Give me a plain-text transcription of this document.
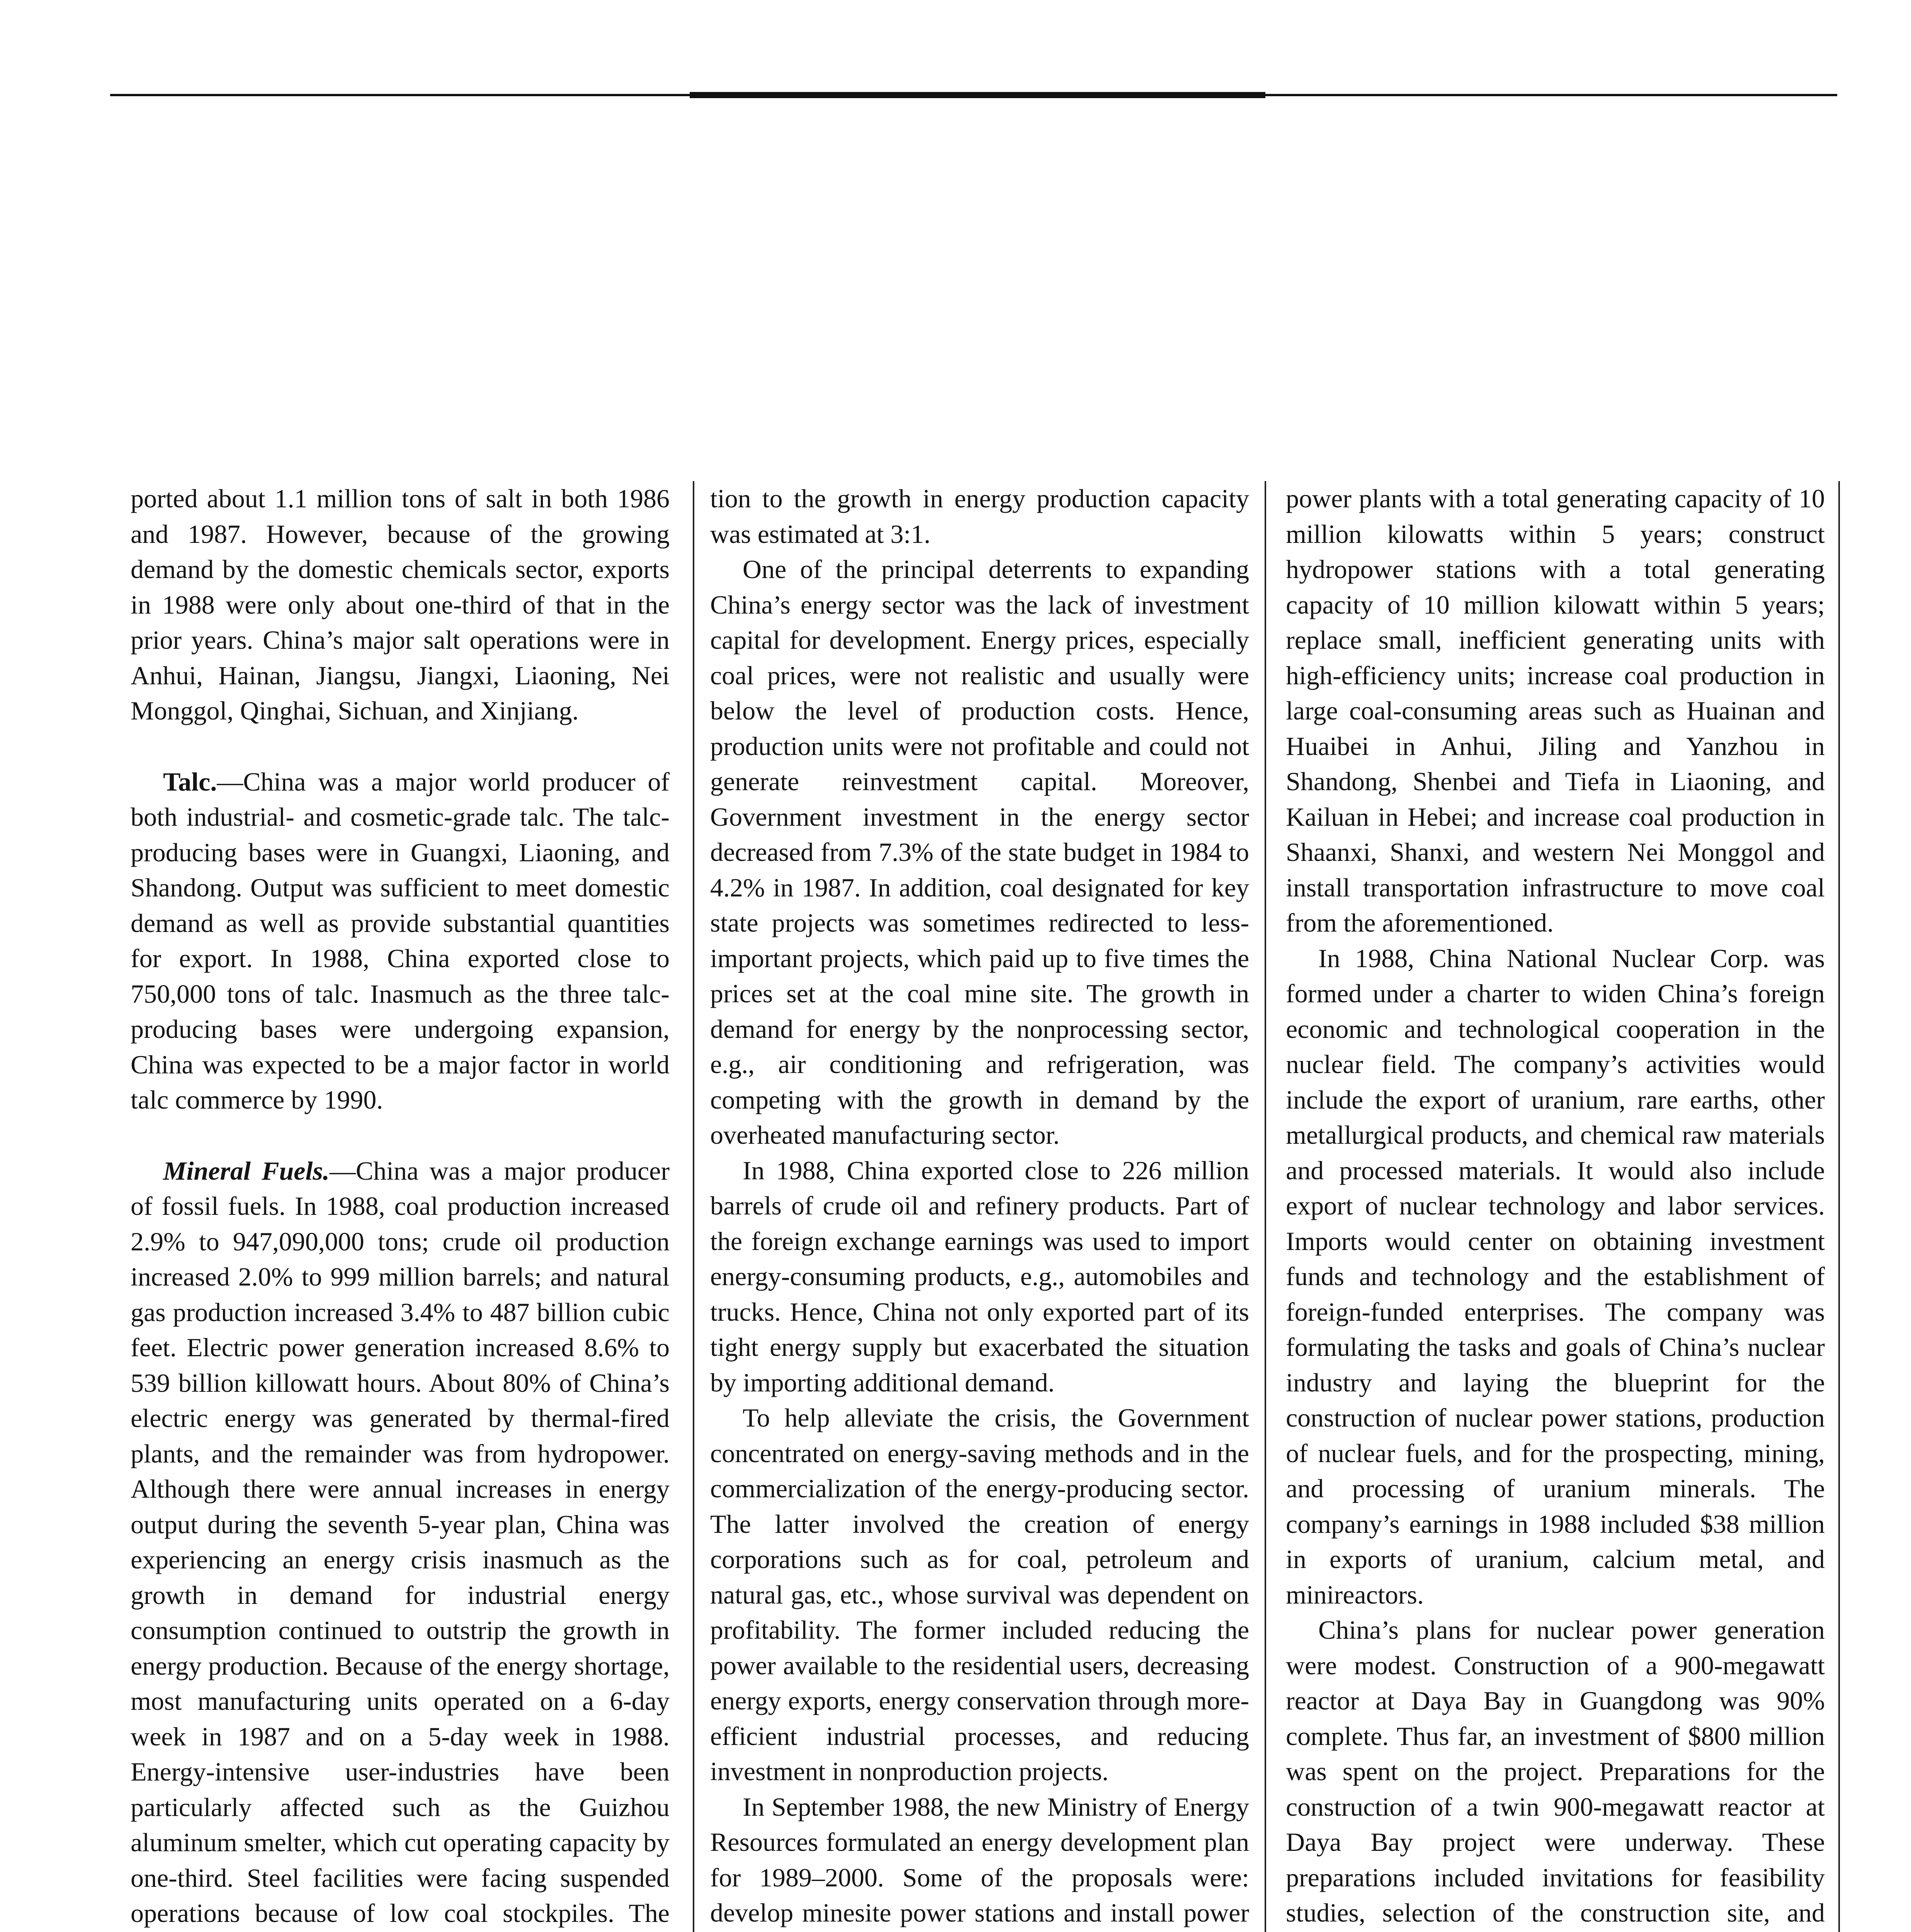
ported about 1.1 million tons of salt in both 1986 and 1987. However, because of the growing demand by the domestic chemicals sector, exports in 1988 were only about one-third of that in the prior years. China’s major salt operations were in Anhui, Hainan, Jiangsu, Jiangxi, Liaoning, Nei Monggol, Qinghai, Sichuan, and Xinjiang.

Talc.—China was a major world producer of both industrial- and cosmetic-grade talc. The talc-producing bases were in Guangxi, Liaoning, and Shandong. Output was sufficient to meet domestic demand as well as provide substantial quantities for export. In 1988, China exported close to 750,000 tons of talc. Inasmuch as the three talc-producing bases were undergoing expansion, China was expected to be a major factor in world talc commerce by 1990.

Mineral Fuels.—China was a major producer of fossil fuels. In 1988, coal production increased 2.9% to 947,090,000 tons; crude oil production increased 2.0% to 999 million barrels; and natural gas production increased 3.4% to 487 billion cubic feet. Electric power generation increased 8.6% to 539 billion killowatt hours. About 80% of China’s electric energy was generated by thermal-fired plants, and the remainder was from hydropower. Although there were annual increases in energy output during the seventh 5-year plan, China was experiencing an energy crisis inasmuch as the growth in demand for industrial energy consumption continued to outstrip the growth in energy production. Because of the energy shortage, most manufacturing units operated on a 6-day week in 1987 and on a 5-day week in 1988. Energy-intensive user-industries have been particularly affected such as the Guizhou aluminum smelter, which cut operating capacity by one-third. Steel facilities were facing suspended operations because of low coal stockpiles. The

tion to the growth in energy production capacity was estimated at 3:1.

One of the principal deterrents to expanding China’s energy sector was the lack of investment capital for development. Energy prices, especially coal prices, were not realistic and usually were below the level of production costs. Hence, production units were not profitable and could not generate reinvestment capital. Moreover, Government investment in the energy sector decreased from 7.3% of the state budget in 1984 to 4.2% in 1987. In addition, coal designated for key state projects was sometimes redirected to less-important projects, which paid up to five times the prices set at the coal mine site. The growth in demand for energy by the nonprocessing sector, e.g., air conditioning and refrigeration, was competing with the growth in demand by the overheated manufacturing sector.

In 1988, China exported close to 226 million barrels of crude oil and refinery products. Part of the foreign exchange earnings was used to import energy-consuming products, e.g., automobiles and trucks. Hence, China not only exported part of its tight energy supply but exacerbated the situation by importing additional demand.

To help alleviate the crisis, the Government concentrated on energy-saving methods and in the commercialization of the energy-producing sector. The latter involved the creation of energy corporations such as for coal, petroleum and natural gas, etc., whose survival was dependent on profitability. The former included reducing the power available to the residential users, decreasing energy exports, energy conservation through more-efficient industrial processes, and reducing investment in nonproduction projects.

In September 1988, the new Ministry of Energy Resources formulated an energy development plan for 1989–2000. Some of the proposals were: develop minesite power stations and install power

power plants with a total generating capacity of 10 million kilowatts within 5 years; construct hydropower stations with a total generating capacity of 10 million kilowatt within 5 years; replace small, inefficient generating units with high-efficiency units; increase coal production in large coal-consuming areas such as Huainan and Huaibei in Anhui, Jiling and Yanzhou in Shandong, Shenbei and Tiefa in Liaoning, and Kailuan in Hebei; and increase coal production in Shaanxi, Shanxi, and western Nei Monggol and install transportation infrastructure to move coal from the aforementioned.

In 1988, China National Nuclear Corp. was formed under a charter to widen China’s foreign economic and technological cooperation in the nuclear field. The company’s activities would include the export of uranium, rare earths, other metallurgical products, and chemical raw materials and processed materials. It would also include export of nuclear technology and labor services. Imports would center on obtaining investment funds and technology and the establishment of foreign-funded enterprises. The company was formulating the tasks and goals of China’s nuclear industry and laying the blueprint for the construction of nuclear power stations, production of nuclear fuels, and for the prospecting, mining, and processing of uranium minerals. The company’s earnings in 1988 included $38 million in exports of uranium, calcium metal, and minireactors.

China’s plans for nuclear power generation were modest. Construction of a 900-megawatt reactor at Daya Bay in Guangdong was 90% complete. Thus far, an investment of $800 million was spent on the project. Preparations for the construction of a twin 900-megawatt reactor at Daya Bay project were underway. These preparations included invitations for feasibility studies, selection of the construction site, and
